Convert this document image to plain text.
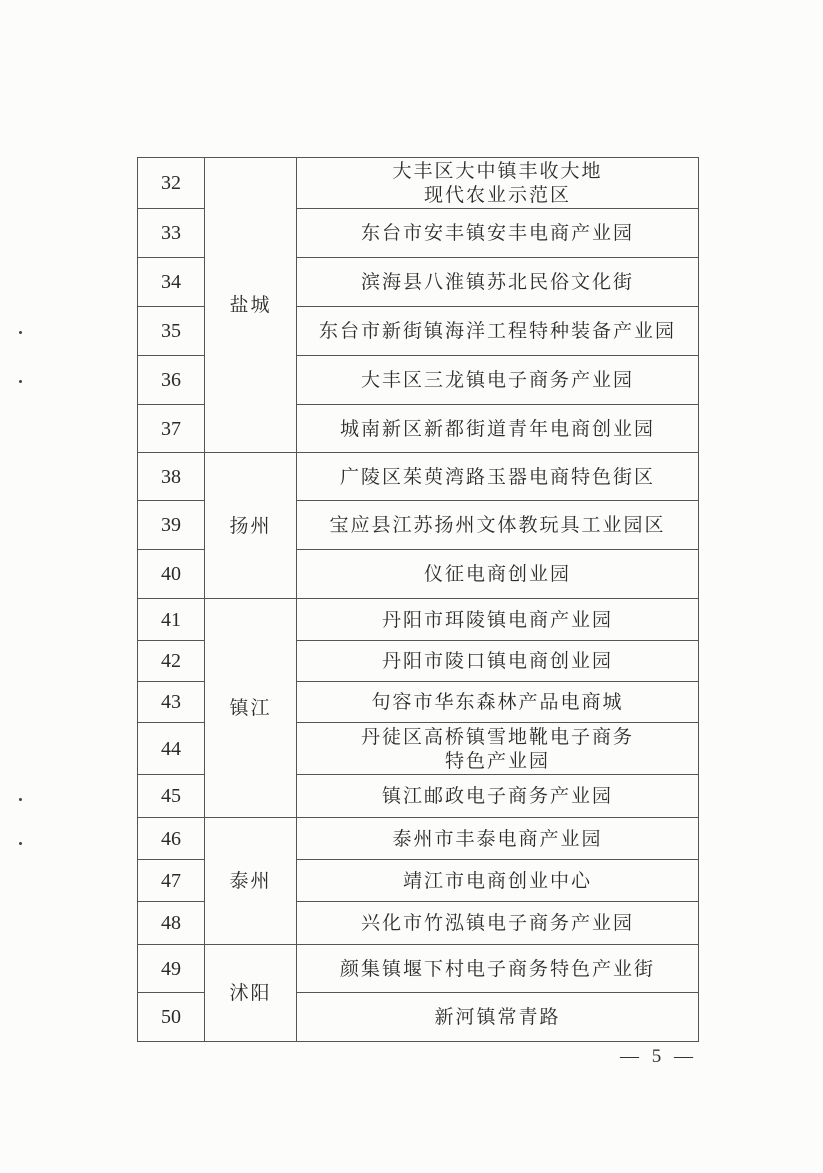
32	盐城	大丰区大中镇丰收大地
现代农业示范区
33		东台市安丰镇安丰电商产业园
34		滨海县八淮镇苏北民俗文化街
35		东台市新街镇海洋工程特种装备产业园
36		大丰区三龙镇电子商务产业园
37		城南新区新都街道青年电商创业园
38	扬州	广陵区茱萸湾路玉器电商特色街区
39		宝应县江苏扬州文体教玩具工业园区
40		仪征电商创业园
41	镇江	丹阳市珥陵镇电商产业园
42		丹阳市陵口镇电商创业园
43		句容市华东森林产品电商城
44		丹徒区高桥镇雪地靴电子商务
特色产业园
45		镇江邮政电子商务产业园
46	泰州	泰州市丰泰电商产业园
47		靖江市电商创业中心
48		兴化市竹泓镇电子商务产业园
49	沭阳	颜集镇堰下村电子商务特色产业街
50		新河镇常青路
— 5 —
